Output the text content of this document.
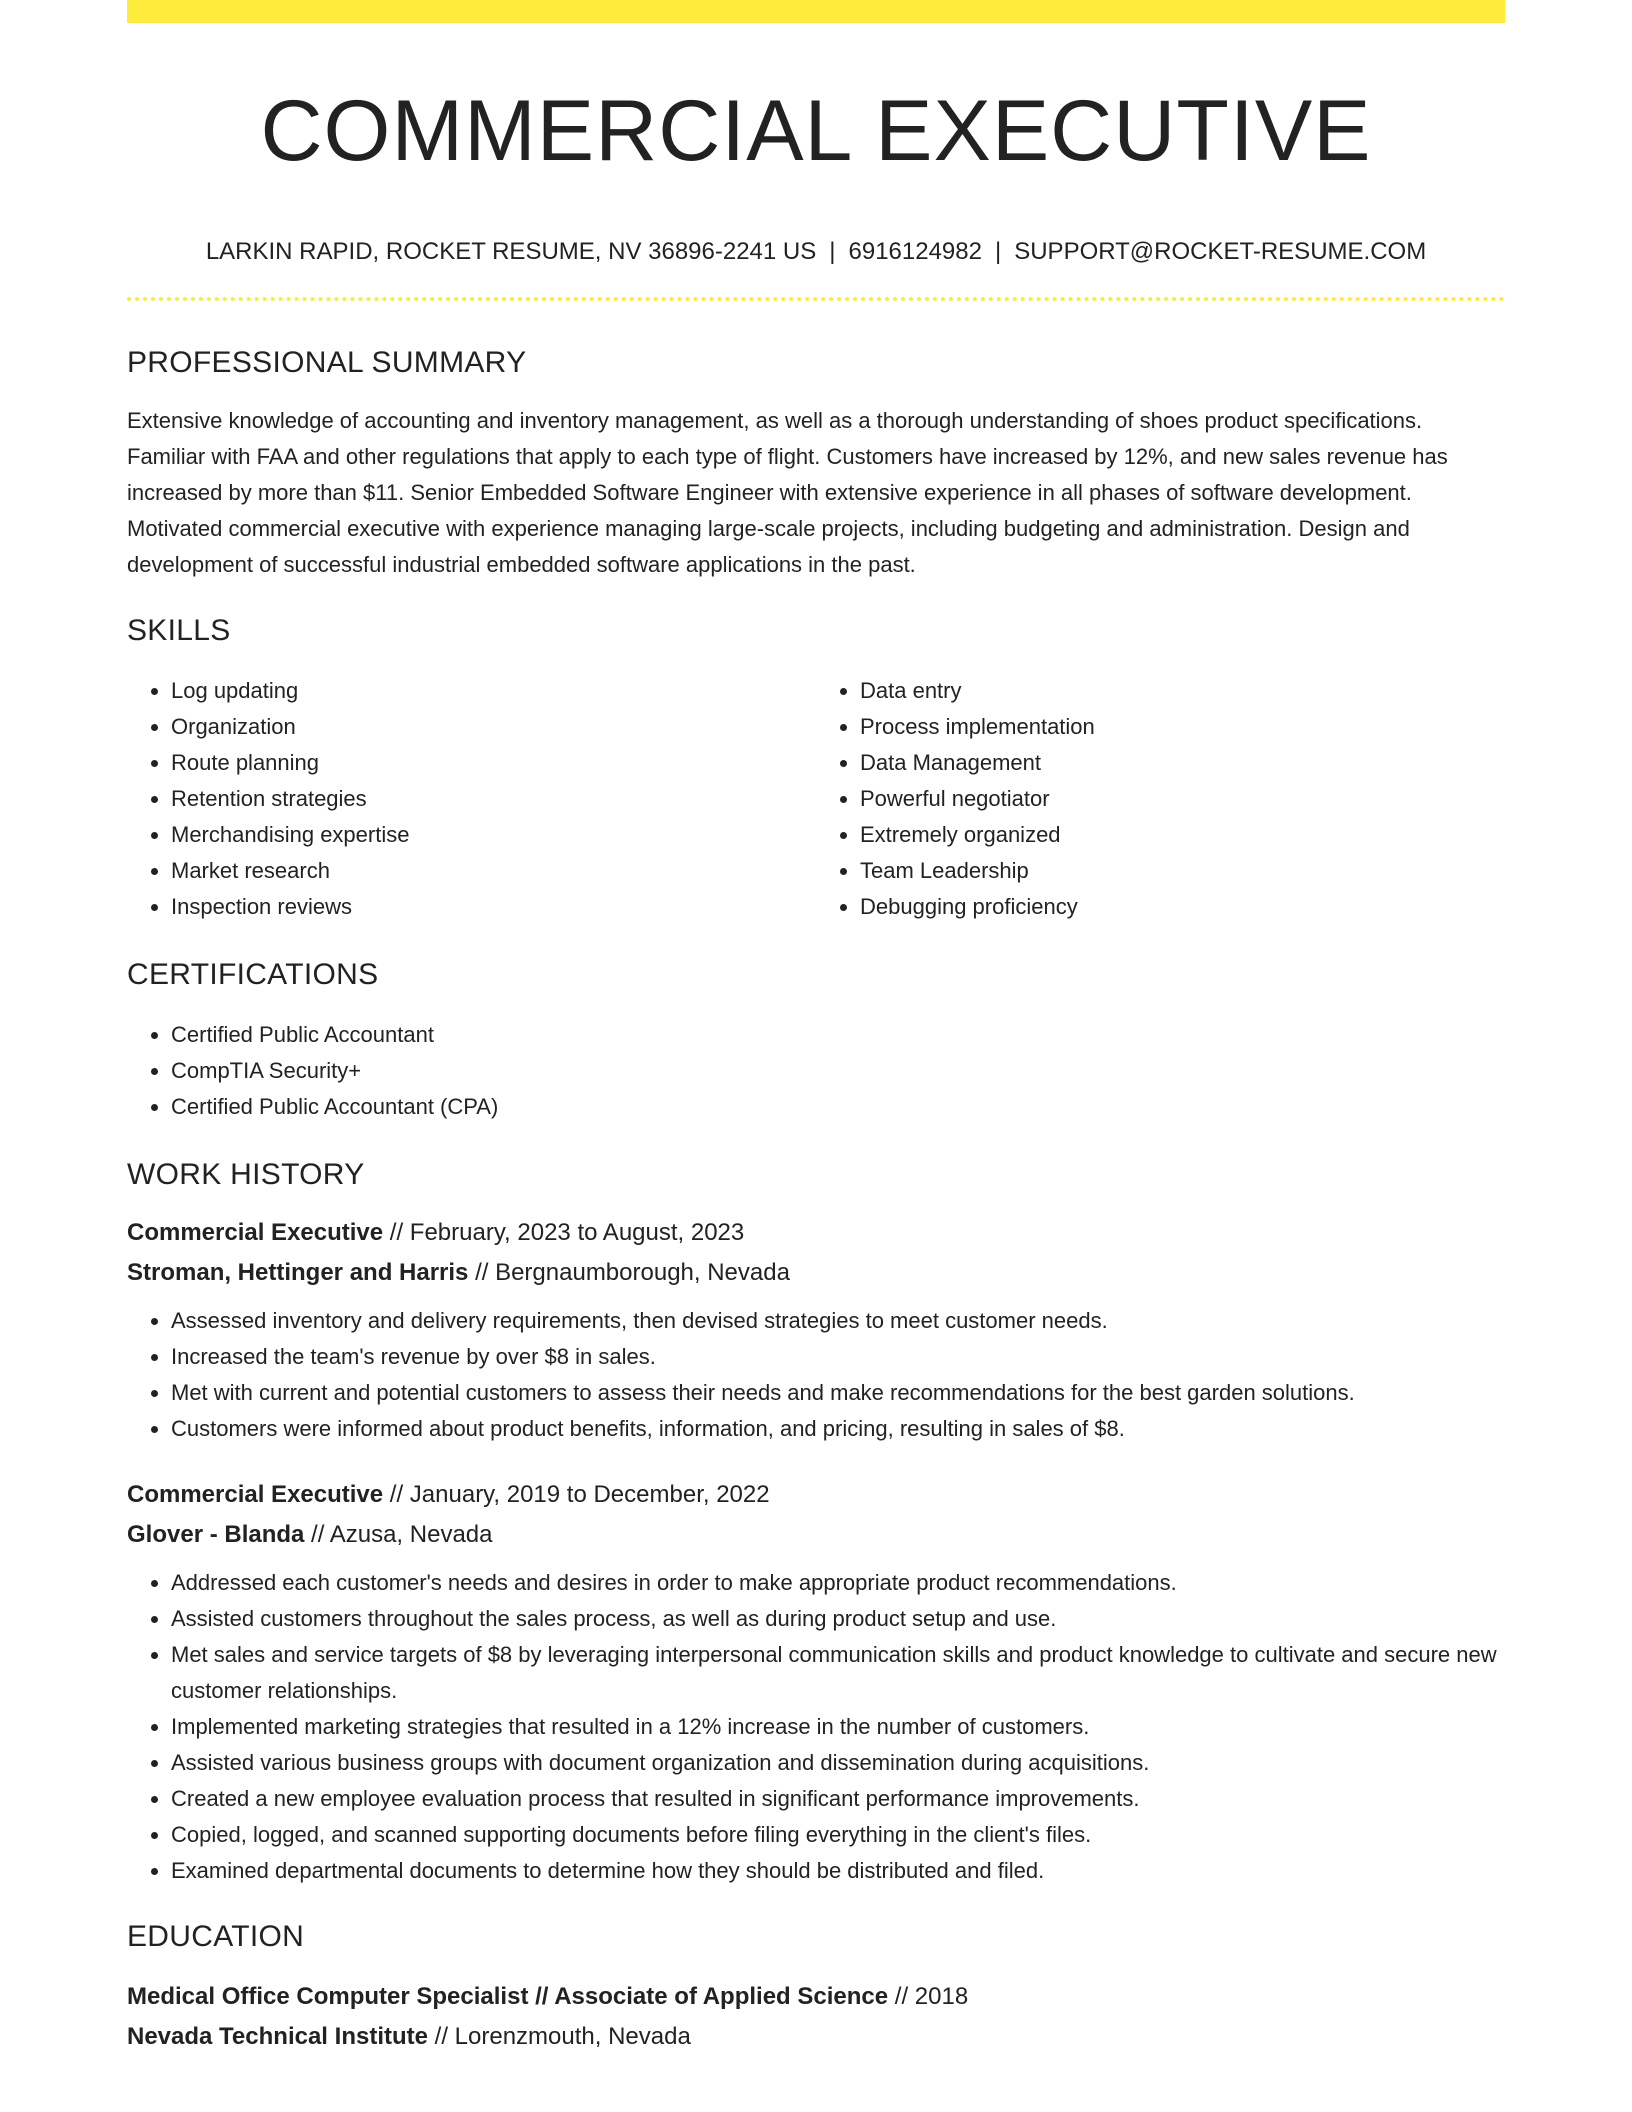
COMMERCIAL EXECUTIVE
LARKIN RAPID, ROCKET RESUME, NV 36896-2241 US | 6916124982 | SUPPORT@ROCKET-RESUME.COM
PROFESSIONAL SUMMARY
Extensive knowledge of accounting and inventory management, as well as a thorough understanding of shoes product specifications. Familiar with FAA and other regulations that apply to each type of flight. Customers have increased by 12%, and new sales revenue has increased by more than $11. Senior Embedded Software Engineer with extensive experience in all phases of software development. Motivated commercial executive with experience managing large-scale projects, including budgeting and administration. Design and development of successful industrial embedded software applications in the past.
SKILLS
• Log updating
• Organization
• Route planning
• Retention strategies
• Merchandising expertise
• Market research
• Inspection reviews
• Data entry
• Process implementation
• Data Management
• Powerful negotiator
• Extremely organized
• Team Leadership
• Debugging proficiency
CERTIFICATIONS
• Certified Public Accountant
• CompTIA Security+
• Certified Public Accountant (CPA)
WORK HISTORY
Commercial Executive // February, 2023 to August, 2023
Stroman, Hettinger and Harris // Bergnaumborough, Nevada
• Assessed inventory and delivery requirements, then devised strategies to meet customer needs.
• Increased the team's revenue by over $8 in sales.
• Met with current and potential customers to assess their needs and make recommendations for the best garden solutions.
• Customers were informed about product benefits, information, and pricing, resulting in sales of $8.
Commercial Executive // January, 2019 to December, 2022
Glover - Blanda // Azusa, Nevada
• Addressed each customer's needs and desires in order to make appropriate product recommendations.
• Assisted customers throughout the sales process, as well as during product setup and use.
• Met sales and service targets of $8 by leveraging interpersonal communication skills and product knowledge to cultivate and secure new customer relationships.
• Implemented marketing strategies that resulted in a 12% increase in the number of customers.
• Assisted various business groups with document organization and dissemination during acquisitions.
• Created a new employee evaluation process that resulted in significant performance improvements.
• Copied, logged, and scanned supporting documents before filing everything in the client's files.
• Examined departmental documents to determine how they should be distributed and filed.
EDUCATION
Medical Office Computer Specialist // Associate of Applied Science // 2018
Nevada Technical Institute // Lorenzmouth, Nevada
